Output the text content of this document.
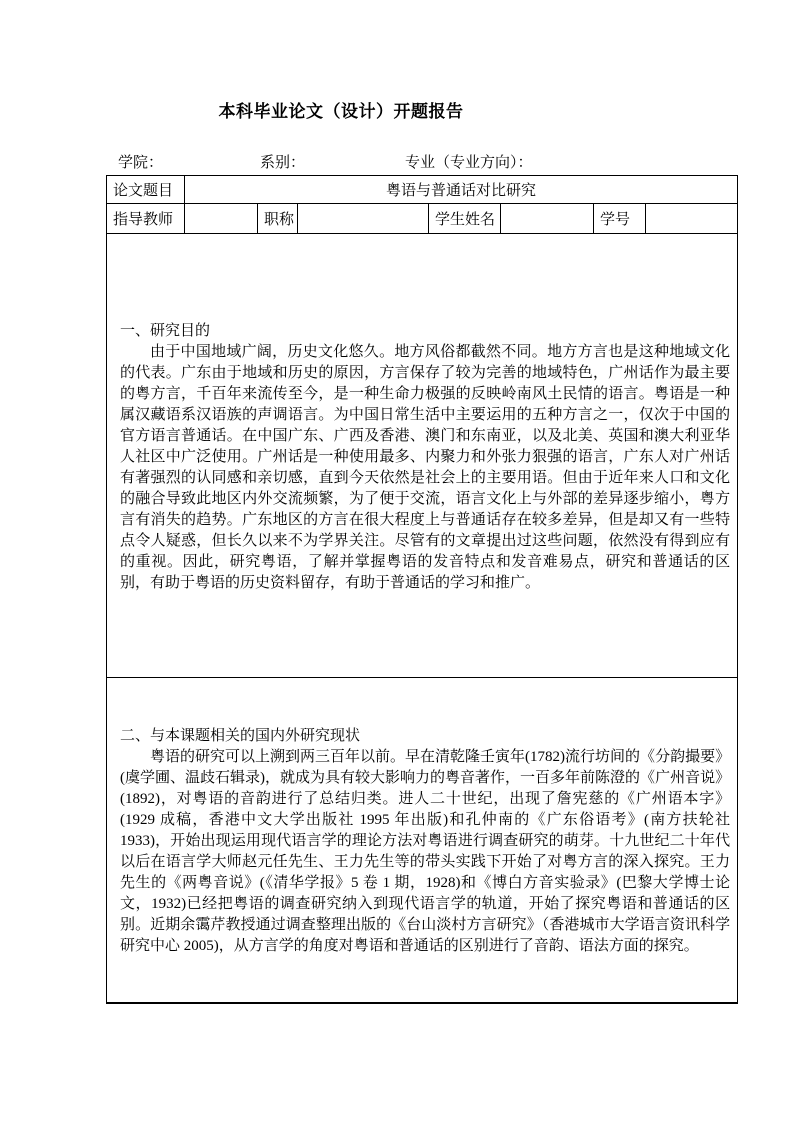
本科毕业论文（设计）开题报告
学院：	系别：	专业（专业方向）：
论文题目	粤语与普通话对比研究						
指导教师		职称		学生姓名		学号	

一、研究目的
由于中国地域广阔，历史文化悠久。地方风俗都截然不同。地方方言也是这种地域文化的代表。广东由于地域和历史的原因，方言保存了较为完善的地域特色，广州话作为最主要的粤方言，千百年来流传至今，是一种生命力极强的反映岭南风土民情的语言。粤语是一种属汉藏语系汉语族的声调语言。为中国日常生活中主要运用的五种方言之一，仅次于中国的官方语言普通话。在中国广东、广西及香港、澳门和东南亚，以及北美、英国和澳大利亚华人社区中广泛使用。广州话是一种使用最多、内聚力和外张力狠强的语言，广东人对广州话有著强烈的认同感和亲切感，直到今天依然是社会上的主要用语。但由于近年来人口和文化的融合导致此地区内外交流频繁，为了便于交流，语言文化上与外部的差异逐步缩小，粤方言有消失的趋势。广东地区的方言在很大程度上与普通话存在较多差异，但是却又有一些特点令人疑惑，但长久以来不为学界关注。尽管有的文章提出过这些问题，依然没有得到应有的重视。因此，研究粤语，了解并掌握粤语的发音特点和发音难易点，研究和普通话的区别，有助于粤语的历史资料留存，有助于普通话的学习和推广。							

二、与本课题相关的国内外研究现状
粤语的研究可以上溯到两三百年以前。早在清乾隆壬寅年(1782)流行坊间的《分韵撮要》(虞学圃、温歧石辑录)，就成为具有较大影响力的粤音著作，一百多年前陈澄的《广州音说》(1892)，对粤语的音韵进行了总结归类。进人二十世纪，出现了詹宪慈的《广州语本字》(1929 成稿，香港中文大学出版社 1995 年出版)和孔仲南的《广东俗语考》(南方扶轮社 1933)，开始出现运用现代语言学的理论方法对粤语进行调查研究的萌芽。十九世纪二十年代以后在语言学大师赵元任先生、王力先生等的带头实践下开始了对粤方言的深入探究。王力先生的《两粤音说》(《清华学报》5 卷 1 期，1928)和《博白方音实验录》(巴黎大学博士论文，1932)已经把粤语的调查研究纳入到现代语言学的轨道，开始了探究粤语和普通话的区别。近期余霭芹教授通过调查整理出版的《台山淡村方言研究》（香港城市大学语言资讯科学研究中心 2005)，从方言学的角度对粤语和普通话的区别进行了音韵、语法方面的探究。							
